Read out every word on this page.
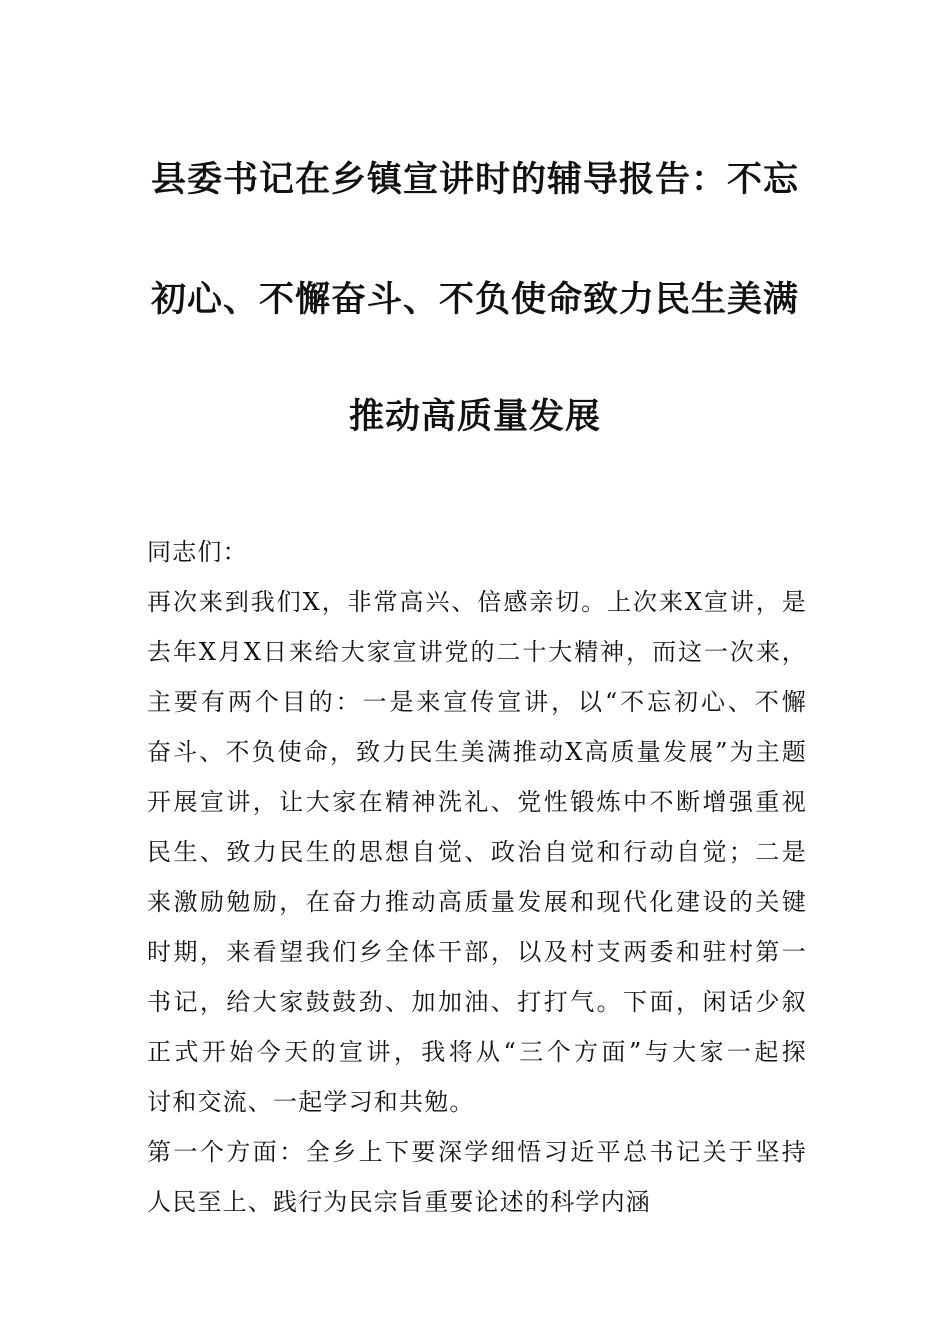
县委书记在乡镇宣讲时的辅导报告：不忘
初心、不懈奋斗、不负使命致力民生美满
推动高质量发展
同志们：
再次来到我们X，非常高兴、倍感亲切。上次来X宣讲，是
去年X月X日来给大家宣讲党的二十大精神，而这一次来，
主要有两个目的：一是来宣传宣讲，以“不忘初心、不懈
奋斗、不负使命，致力民生美满推动X高质量发展”为主题
开展宣讲，让大家在精神洗礼、党性锻炼中不断增强重视
民生、致力民生的思想自觉、政治自觉和行动自觉；二是
来激励勉励，在奋力推动高质量发展和现代化建设的关键
时期，来看望我们乡全体干部，以及村支两委和驻村第一
书记，给大家鼓鼓劲、加加油、打打气。下面，闲话少叙
正式开始今天的宣讲，我将从“三个方面”与大家一起探
讨和交流、一起学习和共勉。
第一个方面：全乡上下要深学细悟习近平总书记关于坚持
人民至上、践行为民宗旨重要论述的科学内涵
